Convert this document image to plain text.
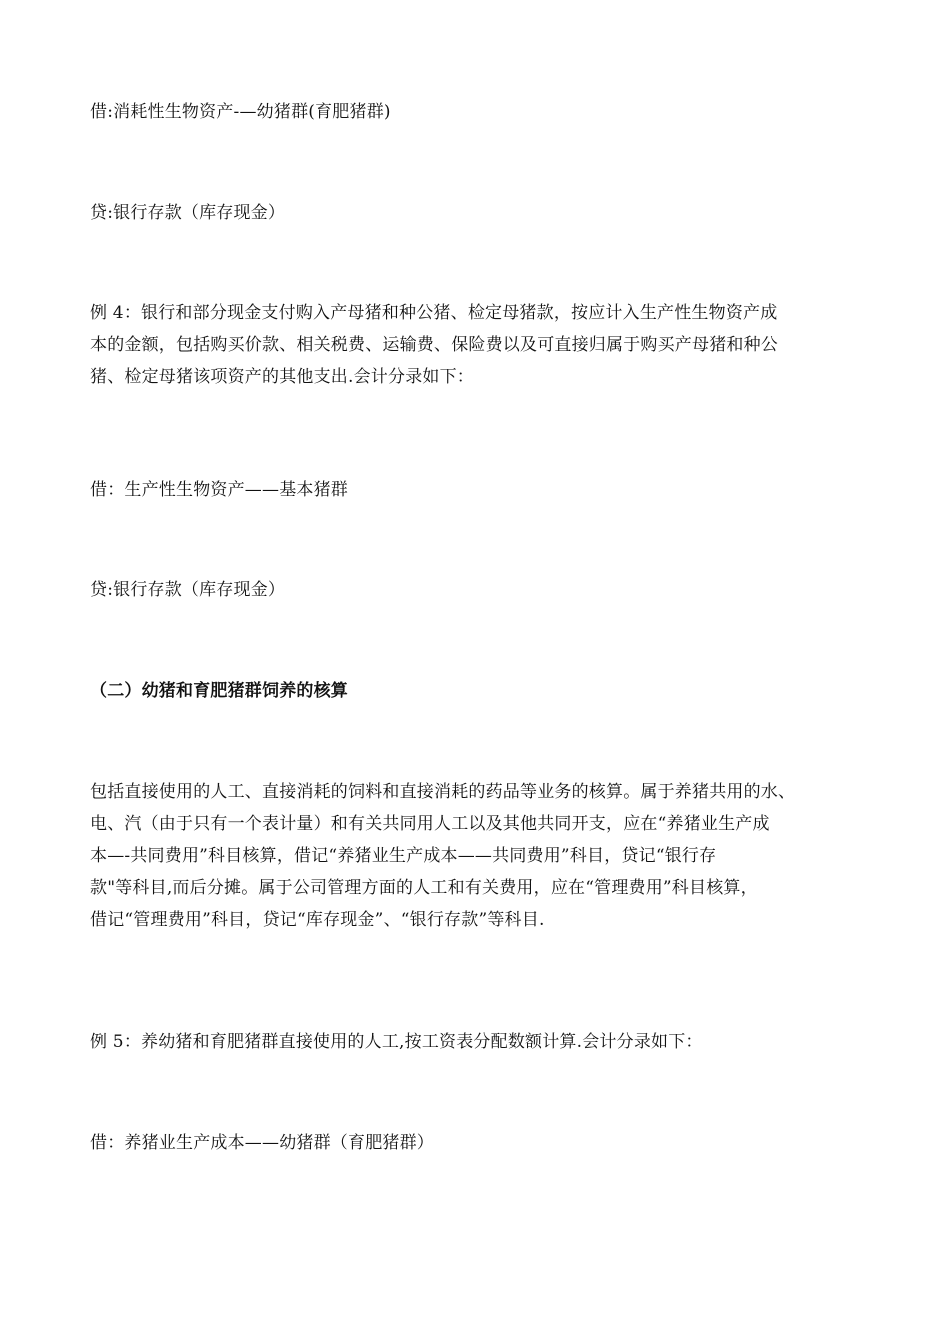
借:消耗性生物资产-—幼猪群(育肥猪群)
贷:银行存款（库存现金）
例 4：银行和部分现金支付购入产母猪和种公猪、检定母猪款，按应计入生产性生物资产成
本的金额，包括购买价款、相关税费、运输费、保险费以及可直接归属于购买产母猪和种公
猪、检定母猪该项资产的其他支出.会计分录如下：
借：生产性生物资产——基本猪群
贷:银行存款（库存现金）
（二）幼猪和育肥猪群饲养的核算
包括直接使用的人工、直接消耗的饲料和直接消耗的药品等业务的核算。属于养猪共用的水、
电、汽（由于只有一个表计量）和有关共同用人工以及其他共同开支，应在“养猪业生产成
本—-共同费用”科目核算，借记“养猪业生产成本——共同费用”科目，贷记“银行存
款"等科目,而后分摊。属于公司管理方面的人工和有关费用，应在“管理费用”科目核算，
借记“管理费用”科目，贷记“库存现金”、“银行存款”等科目.
例 5：养幼猪和育肥猪群直接使用的人工,按工资表分配数额计算.会计分录如下：
借：养猪业生产成本——幼猪群（育肥猪群）
